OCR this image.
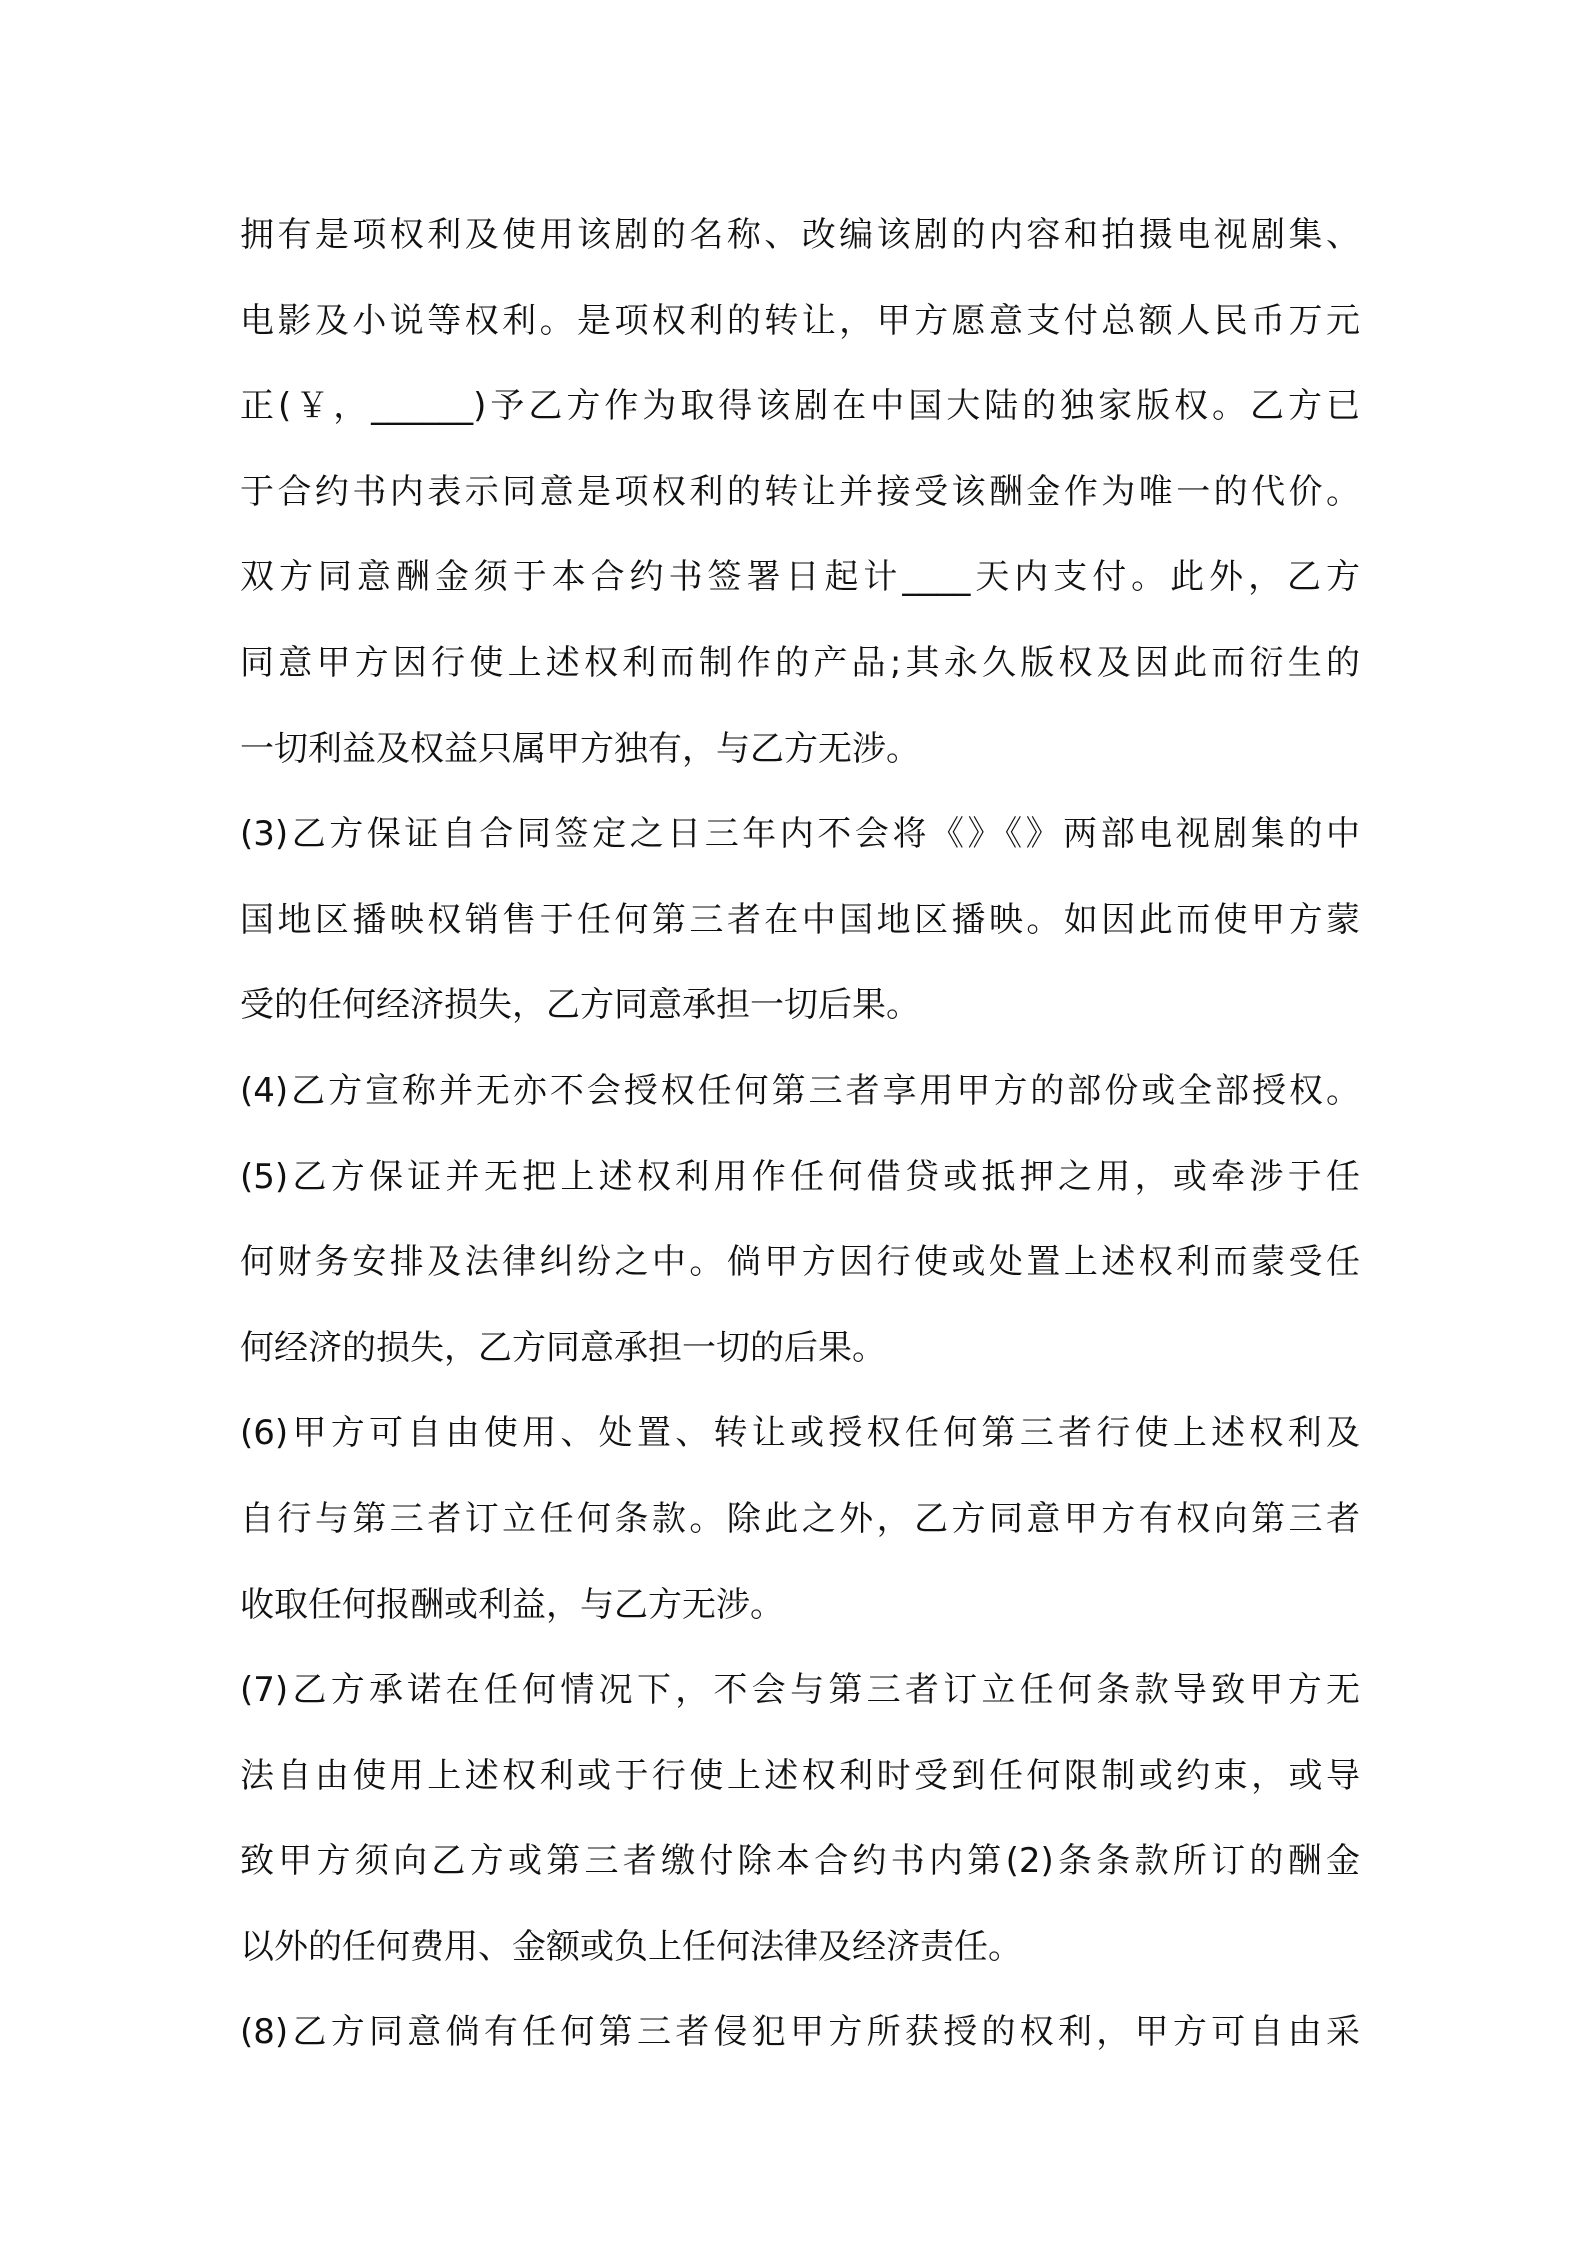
拥有是项权利及使用该剧的名称、改编该剧的内容和拍摄电视剧集、
电影及小说等权利。是项权利的转让，甲方愿意支付总额人民币万元
正(￥，______)予乙方作为取得该剧在中国大陆的独家版权。乙方已
于合约书内表示同意是项权利的转让并接受该酬金作为唯一的代价。
双方同意酬金须于本合约书签署日起计____天内支付。此外，乙方
同意甲方因行使上述权利而制作的产品;其永久版权及因此而衍生的
一切利益及权益只属甲方独有，与乙方无涉。
(3)乙方保证自合同签定之日三年内不会将《》《》两部电视剧集的中
国地区播映权销售于任何第三者在中国地区播映。如因此而使甲方蒙
受的任何经济损失，乙方同意承担一切后果。
(4)乙方宣称并无亦不会授权任何第三者享用甲方的部份或全部授权。
(5)乙方保证并无把上述权利用作任何借贷或抵押之用，或牵涉于任
何财务安排及法律纠纷之中。倘甲方因行使或处置上述权利而蒙受任
何经济的损失，乙方同意承担一切的后果。
(6)甲方可自由使用、处置、转让或授权任何第三者行使上述权利及
自行与第三者订立任何条款。除此之外，乙方同意甲方有权向第三者
收取任何报酬或利益，与乙方无涉。
(7)乙方承诺在任何情况下，不会与第三者订立任何条款导致甲方无
法自由使用上述权利或于行使上述权利时受到任何限制或约束，或导
致甲方须向乙方或第三者缴付除本合约书内第(2)条条款所订的酬金
以外的任何费用、金额或负上任何法律及经济责任。
(8)乙方同意倘有任何第三者侵犯甲方所获授的权利，甲方可自由采
